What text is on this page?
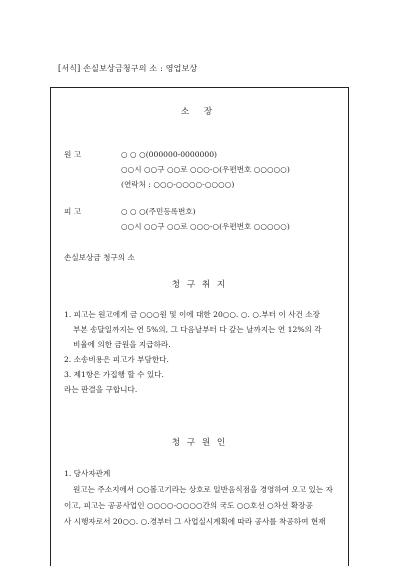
[서식] 손실보상금청구의 소 : 영업보상
소 장
원 고	○ ○ ○(000000-0000000)
○○시 ○○구 ○○로 ○○○-○(우편번호 ○○○○○)
(연락처 : ○○○-○○○○-○○○○)
피 고	○ ○ ○(주민등록번호)
○○시 ○○구 ○○로 ○○○-○(우편번호 ○○○○○)
손실보상금 청구의 소
청 구 취 지
1. 피고는 원고에게 금 ○○○원 및 이에 대한 20○○. ○. ○.부터 이 사건 소장
부본 송달일까지는 연 5%의, 그 다음날부터 다 갚는 날까지는 연 12%의 각
비율에 의한 금원을 지급하라.
2. 소송비용은 피고가 부담한다.
3. 제1항은 가집행 할 수 있다.
라는 판결을 구합니다.
청 구 원 인
1. 당사자관계
원고는 주소지에서 ○○볼고기라는 상호로 일반음식점을 경영하여 오고 있는 자
이고, 피고는 공공사업인 ○○○○-○○○○간의 국도 ○○호선 ○차선 확장공
사 시행자로서 20○○. ○.경부터 그 사업실시계획에 따라 공사를 착공하여 현재
